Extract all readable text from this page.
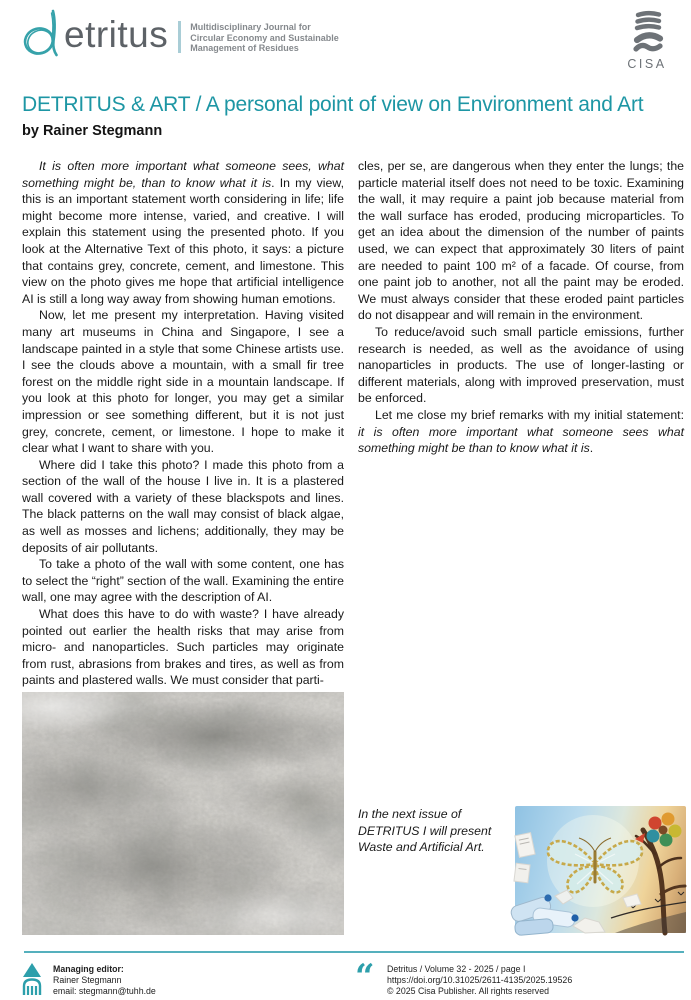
etritus Multidisciplinary Journal for
Circular Economy and Sustainable
Management of Residues
CISA
DETRITUS & ART / A personal point of view on Environment and Art
by Rainer Stegmann

It is often more important what someone sees, what something might be, than to know what it is. In my view, this is an important statement worth considering in life; life might become more intense, varied, and creative. I will explain this statement using the presented photo. If you look at the Alternative Text of this photo, it says: a picture that contains grey, concrete, cement, and limestone. This view on the photo gives me hope that artificial intelligence AI is still a long way away from showing human emotions.

Now, let me present my interpretation. Having visited many art museums in China and Singapore, I see a landscape painted in a style that some Chinese artists use. I see the clouds above a mountain, with a small fir tree forest on the middle right side in a mountain landscape. If you look at this photo for longer, you may get a similar impression or see something different, but it is not just grey, concrete, cement, or limestone. I hope to make it clear what I want to share with you.

Where did I take this photo? I made this photo from a section of the wall of the house I live in. It is a plastered wall covered with a variety of these blackspots and lines. The black patterns on the wall may consist of black algae, as well as mosses and lichens; additionally, they may be deposits of air pollutants.

To take a photo of the wall with some content, one has to select the “right” section of the wall. Examining the entire wall, one may agree with the description of AI.

What does this have to do with waste? I have already pointed out earlier the health risks that may arise from micro- and nanoparticles. Such particles may originate from rust, abrasions from brakes and tires, as well as from paints and plastered walls. We must consider that parti-

cles, per se, are dangerous when they enter the lungs; the particle material itself does not need to be toxic. Examining the wall, it may require a paint job because material from the wall surface has eroded, producing microparticles. To get an idea about the dimension of the number of paints used, we can expect that approximately 30 liters of paint are needed to paint 100 m² of a facade. Of course, from one paint job to another, not all the paint may be eroded. We must always consider that these eroded paint particles do not disappear and will remain in the environment.

To reduce/avoid such small particle emissions, further research is needed, as well as the avoidance of using nanoparticles in products. The use of longer-lasting or different materials, along with improved preservation, must be enforced.

Let me close my brief remarks with my initial statement: it is often more important what someone sees what something might be than to know what it is.

In the next issue of DETRITUS I will present Waste and Artificial Art.
Managing editor:
Rainer Stegmann
email: stegmann@tuhh.de	“	Detritus / Volume 32 - 2025 / page I
https://doi.org/10.31025/2611-4135/2025.19526
© 2025 Cisa Publisher. All rights reserved
